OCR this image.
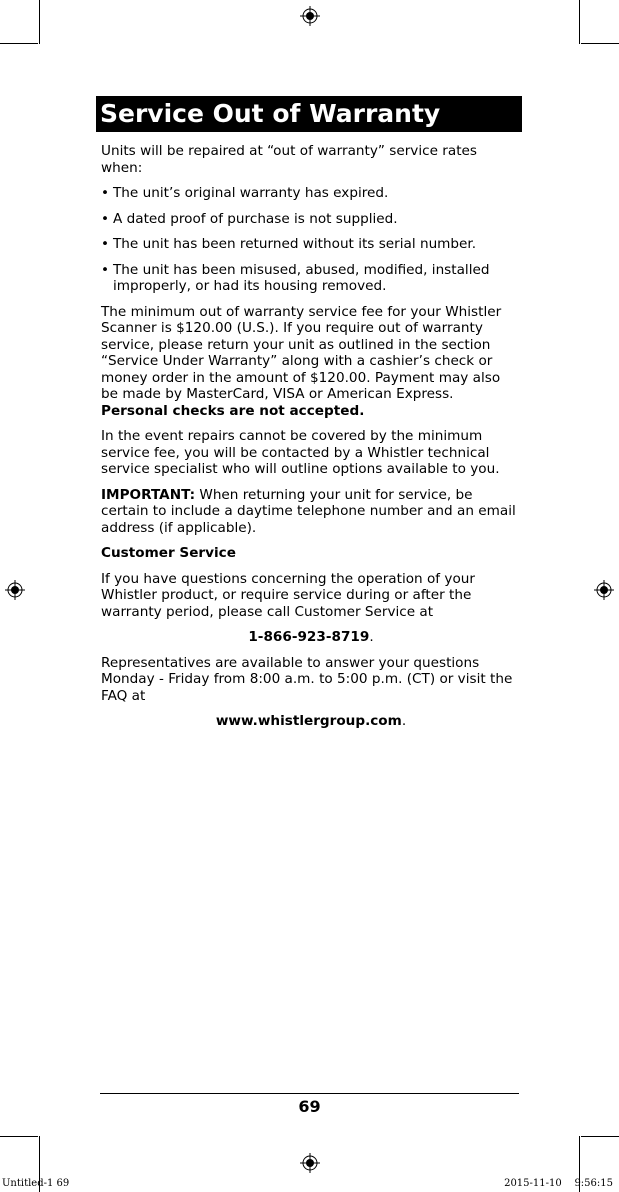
Service Out of Warranty

Units will be repaired at “out of warranty” service rates when:

• The unit’s original warranty has expired.
• A dated proof of purchase is not supplied.
• The unit has been returned without its serial number.
• The unit has been misused, abused, modified, installed improperly, or had its housing removed.

The minimum out of warranty service fee for your Whistler Scanner is $120.00 (U.S.). If you require out of warranty service, please return your unit as outlined in the section “Service Under Warranty” along with a cashier’s check or money order in the amount of $120.00. Payment may also be made by MasterCard, VISA or American Express. Personal checks are not accepted.

In the event repairs cannot be covered by the minimum service fee, you will be contacted by a Whistler technical service specialist who will outline options available to you.

IMPORTANT: When returning your unit for service, be certain to include a daytime telephone number and an email address (if applicable).

Customer Service

If you have questions concerning the operation of your Whistler product, or require service during or after the warranty period, please call Customer Service at

1-866-923-8719.

Representatives are available to answer your questions Monday - Friday from 8:00 a.m. to 5:00 p.m. (CT) or visit the FAQ at

www.whistlergroup.com.

69
Untitled-1 69	2015-11-10    9:56:15
